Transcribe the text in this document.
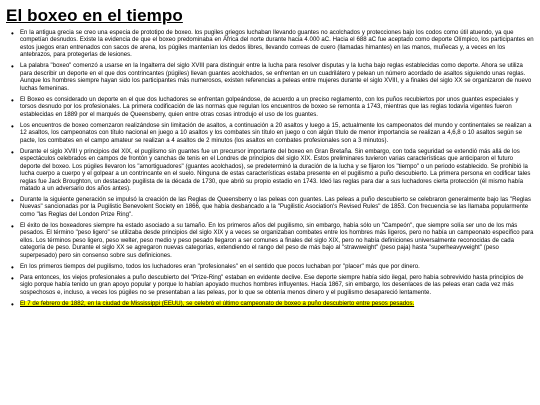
El boxeo en el tiempo
• En la antigua grecia se creo una especia de prototipo de boxeo. los pugiles griegos luchaban llevando guantes no acolchados y protecciones bajo los codos como útil atuendo, ya que competían desnudos. Existe la evidencia de que el boxeo predominaba en África del norte durante hacia 4.000 aC. Hacia el 688 aC fue aceptado como deporte Olímpico, los participantes en estos juegos eran entrenados con sacos de arena, los púgiles mantenían los dedos libres, llevando correas de cuero (llamadas himantes) en las manos, muñecas y, a veces en los antebrazos, para protegerlas de lesiones.
• La palabra "boxeo" comenzó a usarse en la Ingalterra del siglo XVIII para distinguir entre la lucha para resolver disputas y la lucha bajo reglas establecidas como deporte. Ahora se utiliza para describir un deporte en el que dos contrincantes (púgiles) llevan guantes acolchados, se enfrentan en un cuadrilátero y pelean un número acordado de asaltos siguiendo unas reglas. Aunque los hombres siempre hayan sido los participantes más numerosos, existen referencias a peleas entre mujeres durante el siglo XVIII, y a finales del siglo XX se organizaron de nuevo luchas femeninas.
• El Boxeo es considerado un deporte en el que dos luchadores se enfrentan golpeándose, de acuerdo a un preciso reglamento, con los puños recubiertos por unos guantes especiales y torsos desnudo por los profesionales. La primera codificación de las normas que regulan los encuentros de boxeo se remonta a 1743, mientras que las reglas todavía vigentes fueron establecidas en 1889 por el marqués de Queensberry, quien entre otras cosas introdujo el uso de los guantes.
• Los encuentros de boxeo comenzaron realizándose sin limitación de asaltos, a continuación a 20 asaltos y luego a 15, actualmente los campeonatos del mundo y continentales se realizan a 12 asaltos, los campeonatos con título nacional en juego a 10 asaltos y los combates sin título en juego o con algún título de menor importancia se realizan a 4,6,8 o 10 asaltos según se pacte, los combates en el campo amateur se realizan a 4 asaltos de 2 minutos (los asaltos en combates profesionales son a 3 minutos).
• Durante el siglo XVIII y principios del XIX, el pugilismo sin guantes fue un precursor importante del boxeo en Gran Bretaña. Sin embargo, con toda seguridad se extendió más allá de los espectáculos celebrados en campos de frontón y canchas de tenis en el Londres de principios del siglo XIX. Estos preliminares tuvieron varias características que anticiparon el futuro deporte del boxeo. Los púgiles llevaron los "amortiguadores" (guantes acolchados), se predeterminó la duración de la lucha y se fijaron los "tiempo" o un periodo establecido. Se prohibió la lucha cuerpo a cuerpo y el golpear a un contrincante en el suelo. Ninguna de estas características estaba presente en el pugilismo a puño descubierto. La primera persona en codificar tales reglas fue Jack Broughton, un destacado pugilista de la década de 1730, que abrió su propio estadio en 1743. Ideó las reglas para dar a sus luchadores cierta protección (él mismo había matado a un adversario dos años antes).
• Durante la siguiente generación se impulsó la creación de las Reglas de Queensberry o las peleas con guantes. Las peleas a puño descubierto se celebraron generalmente bajo las "Reglas Nuevas" sancionadas por la Pugilistic Benevolent Society en 1866, que había desbancado a la "Pugilistic Asociation's Revised Rules" de 1853. Con frecuencia se las llamaba popularmente como "las Reglas del London Prize Ring".
• El éxito de los boxeadores siempre ha estado asociado a su tamaño. En los primeros años del pugilismo, sin embargo, había sólo un "Campeón", que siempre solía ser uno de los más pesados. El término "peso ligero" se utilizaba desde principios del siglo XIX y a veces se organizaban combates entre los hombres más ligeros, pero no había un campeonato específico para ellos. Los términos peso ligero, peso welter, peso medio y peso pesado llegaron a ser comunes a finales del siglo XIX, pero no había definiciones universalmente reconocidas de cada categoría de peso. Durante el siglo XX se agregaron nuevas categorías, extendiendo el rango del peso de más bajo al "strawweight" (peso paja) hasta "superheavyweight" (peso superpesado) pero sin consenso sobre sus definiciones.
• En los primeros tiempos del pugilismo, todos los luchadores eran "profesionales" en el sentido que pocos luchaban por "placer" más que por dinero.
• Para entonces, los viejos profesionales a puño descubierto del "Prize-Ring" estaban en evidente declive. Ese deporte siempre había sido ilegal, pero había sobrevivido hasta principios de siglo porque había tenido un gran apoyo popular y porque lo habían apoyado muchos hombres influyentes. Hacia 1867, sin embargo, los desenlaces de las peleas eran cada vez más sospechosos e, incluso, a veces los púgiles no se presentaban a las peleas, por lo que se obtenía menos dinero y el pugilismo desapareció lentamente.
• El 7 de febrero de 1882, en la ciudad de Mississippi (EEUU), se celebró el último campeonato de boxeo a puño descubierto entre pesos pesados.
